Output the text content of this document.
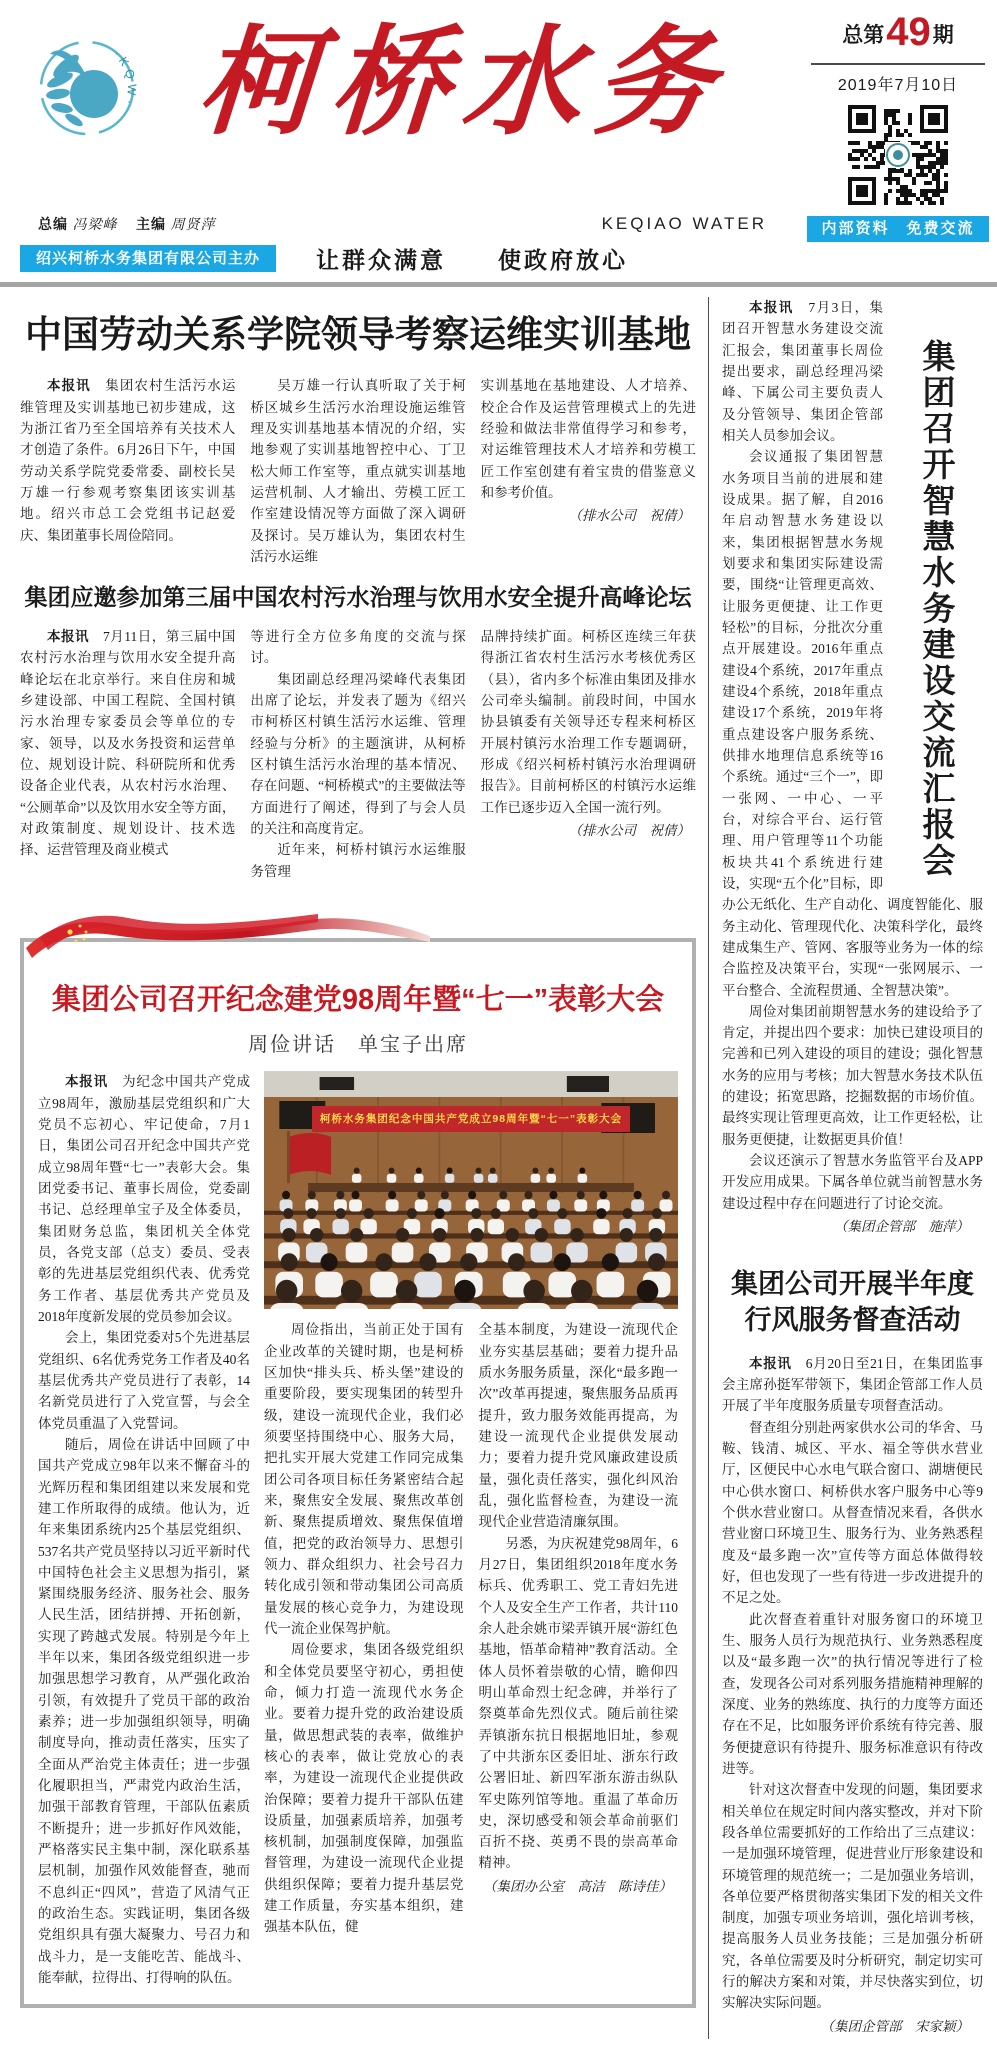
·KQW· 柯桥水务	总第49期
2019年7月10日
内部资料　免费交流
总编 冯梁峰 主编 周贤萍	KEQIAO WATER
绍兴柯桥水务集团有限公司主办	让群众满意　　使政府放心
中国劳动关系学院领导考察运维实训基地

本报讯　集团农村生活污水运维管理及实训基地已初步建成，这为浙江省乃至全国培养有关技术人才创造了条件。6月26日下午，中国劳动关系学院党委常委、副校长吴万雄一行参观考察集团该实训基地。绍兴市总工会党组书记赵爱庆、集团董事长周俭陪同。

吴万雄一行认真听取了关于柯桥区城乡生活污水治理设施运维管理及实训基地基本情况的介绍，实地参观了实训基地智控中心、丁卫松大师工作室等，重点就实训基地运营机制、人才输出、劳模工匠工作室建设情况等方面做了深入调研及探讨。吴万雄认为，集团农村生活污水运维

实训基地在基地建设、人才培养、校企合作及运营管理模式上的先进经验和做法非常值得学习和参考，对运维管理技术人才培养和劳模工匠工作室创建有着宝贵的借鉴意义和参考价值。

（排水公司　祝倩）

集团应邀参加第三届中国农村污水治理与饮用水安全提升高峰论坛

本报讯　7月11日，第三届中国农村污水治理与饮用水安全提升高峰论坛在北京举行。来自住房和城乡建设部、中国工程院、全国村镇污水治理专家委员会等单位的专家、领导，以及水务投资和运营单位、规划设计院、科研院所和优秀设备企业代表，从农村污水治理、“公厕革命”以及饮用水安全等方面，对政策制度、规划设计、技术选择、运营管理及商业模式

等进行全方位多角度的交流与探讨。

集团副总经理冯梁峰代表集团出席了论坛，并发表了题为《绍兴市柯桥区村镇生活污水运维、管理经验与分析》的主题演讲，从柯桥区村镇生活污水治理的基本情况、存在问题、“柯桥模式”的主要做法等方面进行了阐述，得到了与会人员的关注和高度肯定。

近年来，柯桥村镇污水运维服务管理

品牌持续扩面。柯桥区连续三年获得浙江省农村生活污水考核优秀区（县），省内多个标准由集团及排水公司牵头编制。前段时间，中国水协县镇委有关领导还专程来柯桥区开展村镇污水治理工作专题调研，形成《绍兴柯桥村镇污水治理调研报告》。目前柯桥区的村镇污水运维工作已逐步迈入全国一流行列。

（排水公司　祝倩）

集团公司召开纪念建党98周年暨“七一”表彰大会
周俭讲话　单宝子出席

本报讯　为纪念中国共产党成立98周年，激励基层党组织和广大党员不忘初心、牢记使命，7月1日，集团公司召开纪念中国共产党成立98周年暨“七一”表彰大会。集团党委书记、董事长周俭，党委副书记、总经理单宝子及全体委员，集团财务总监，集团机关全体党员，各党支部（总支）委员、受表彰的先进基层党组织代表、优秀党务工作者、基层优秀共产党员及2018年度新发展的党员参加会议。

会上，集团党委对5个先进基层党组织、6名优秀党务工作者及40名基层优秀共产党员进行了表彰，14名新党员进行了入党宣誓，与会全体党员重温了入党誓词。

随后，周俭在讲话中回顾了中国共产党成立98年以来不懈奋斗的光辉历程和集团组建以来发展和党建工作所取得的成绩。他认为，近年来集团系统内25个基层党组织、537名共产党员坚持以习近平新时代中国特色社会主义思想为指引，紧紧围绕服务经济、服务社会、服务人民生活，团结拼搏、开拓创新，实现了跨越式发展。特别是今年上半年以来，集团各级党组织进一步加强思想学习教育，从严强化政治引领，有效提升了党员干部的政治素养；进一步加强组织领导，明确制度导向，推动责任落实，压实了全面从严治党主体责任；进一步强化履职担当，严肃党内政治生活，加强干部教育管理，干部队伍素质不断提升；进一步抓好作风效能，严格落实民主集中制，深化联系基层机制，加强作风效能督查，驰而不息纠正“四风”，营造了风清气正的政治生态。实践证明，集团各级党组织具有强大凝聚力、号召力和战斗力，是一支能吃苦、能战斗、能奉献，拉得出、打得响的队伍。

柯桥水务集团纪念中国共产党成立98周年暨“七一”表彰大会

周俭指出，当前正处于国有企业改革的关键时期，也是柯桥区加快“排头兵、桥头堡”建设的重要阶段，要实现集团的转型升级，建设一流现代企业，我们必须要坚持围绕中心、服务大局，把扎实开展大党建工作同完成集团公司各项目标任务紧密结合起来，聚焦安全发展、聚焦改革创新、聚焦提质增效、聚焦保值增值，把党的政治领导力、思想引领力、群众组织力、社会号召力转化成引领和带动集团公司高质量发展的核心竞争力，为建设现代一流企业保驾护航。

周俭要求，集团各级党组织和全体党员要坚守初心，勇担使命，倾力打造一流现代水务企业。要着力提升党的政治建设质量，做思想武装的表率，做维护核心的表率，做让党放心的表率，为建设一流现代企业提供政治保障；要着力提升干部队伍建设质量，加强素质培养，加强考核机制，加强制度保障，加强监督管理，为建设一流现代企业提供组织保障；要着力提升基层党建工作质量，夯实基本组织，建强基本队伍，健

全基本制度，为建设一流现代企业夯实基层基础；要着力提升品质水务服务质量，深化“最多跑一次”改革再提速，聚焦服务品质再提升，致力服务效能再提高，为建设一流现代企业提供发展动力；要着力提升党风廉政建设质量，强化责任落实，强化纠风治乱，强化监督检查，为建设一流现代企业营造清廉氛围。

另悉，为庆祝建党98周年，6月27日，集团组织2018年度水务标兵、优秀职工、党工青妇先进个人及安全生产工作者，共计110余人赴余姚市梁弄镇开展“游红色基地，悟革命精神”教育活动。全体人员怀着崇敬的心情，瞻仰四明山革命烈士纪念碑，并举行了祭奠革命先烈仪式。随后前往梁弄镇浙东抗日根据地旧址，参观了中共浙东区委旧址、浙东行政公署旧址、新四军浙东游击纵队军史陈列馆等地。重温了革命历史，深切感受和领会革命前驱们百折不挠、英勇不畏的崇高革命精神。

（集团办公室　高洁　陈诗佳）

集团召开智慧水务建设交流汇报会

本报讯　7月3日，集团召开智慧水务建设交流汇报会，集团董事长周俭提出要求，副总经理冯梁峰、下属公司主要负责人及分管领导、集团企管部相关人员参加会议。

会议通报了集团智慧水务项目当前的进展和建设成果。据了解，自2016年启动智慧水务建设以来，集团根据智慧水务规划要求和集团实际建设需要，围绕“让管理更高效、让服务更便捷、让工作更轻松”的目标，分批次分重点开展建设。2016年重点建设4个系统，2017年重点建设4个系统，2018年重点建设17个系统，2019年将重点建设客户服务系统、供排水地理信息系统等16个系统。通过“三个一”，即一张网、一中心、一平台，对综合平台、运行管理、用户管理等11个功能板块共41个系统进行建设，实现“五个化”目标，即办公无纸化、生产自动化、调度智能化、服务主动化、管理现代化、决策科学化，最终建成集生产、管网、客服等业务为一体的综合监控及决策平台，实现“一张网展示、一平台整合、全流程贯通、全智慧决策”。

周俭对集团前期智慧水务的建设给予了肯定，并提出四个要求：加快已建设项目的完善和已列入建设的项目的建设；强化智慧水务的应用与考核；加大智慧水务技术队伍的建设；拓宽思路，挖掘数据的市场价值。最终实现让管理更高效，让工作更轻松，让服务更便捷，让数据更具价值！

会议还演示了智慧水务监管平台及APP开发应用成果。下属各单位就当前智慧水务建设过程中存在问题进行了讨论交流。

（集团企管部　施萍）

集团公司开展半年度
行风服务督查活动

本报讯　6月20日至21日，在集团监事会主席孙挺军带领下，集团企管部工作人员开展了半年度服务质量专项督查活动。

督查组分别赴两家供水公司的华舍、马鞍、钱清、城区、平水、福全等供水营业厅，区便民中心水电气联合窗口、湖塘便民中心供水窗口、柯桥供水客户服务中心等9个供水营业窗口。从督查情况来看，各供水营业窗口环境卫生、服务行为、业务熟悉程度及“最多跑一次”宣传等方面总体做得较好，但也发现了一些有待进一步改进提升的不足之处。

此次督查着重针对服务窗口的环境卫生、服务人员行为规范执行、业务熟悉程度以及“最多跑一次”的执行情况等进行了检查，发现各公司对系列服务措施精神理解的深度、业务的熟练度、执行的力度等方面还存在不足，比如服务评价系统有待完善、服务便捷意识有待提升、服务标准意识有待改进等。

针对这次督查中发现的问题，集团要求相关单位在规定时间内落实整改，并对下阶段各单位需要抓好的工作给出了三点建议：一是加强环境管理，促进营业厅形象建设和环境管理的规范统一；二是加强业务培训，各单位要严格贯彻落实集团下发的相关文件制度，加强专项业务培训，强化培训考核，提高服务人员业务技能；三是加强分析研究，各单位需要及时分析研究，制定切实可行的解决方案和对策，并尽快落实到位，切实解决实际问题。

（集团企管部　宋家颖）
